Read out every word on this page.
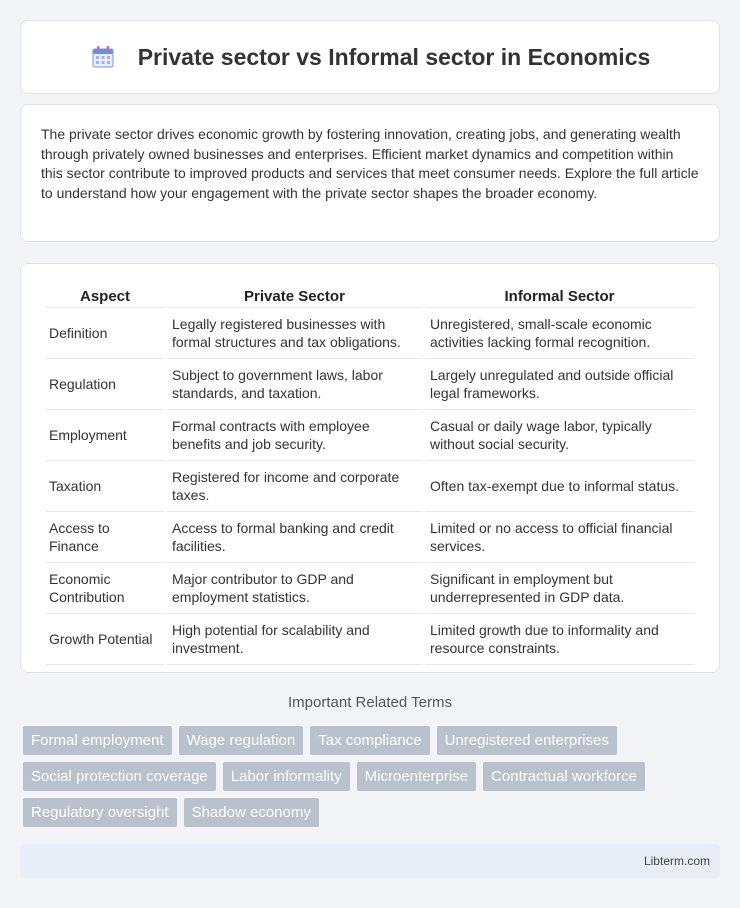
Private sector vs Informal sector in Economics

The private sector drives economic growth by fostering innovation, creating jobs, and generating wealth through privately owned businesses and enterprises. Efficient market dynamics and competition within this sector contribute to improved products and services that meet consumer needs. Explore the full article to understand how your engagement with the private sector shapes the broader economy.

Aspect	Private Sector	Informal Sector
Definition	Legally registered businesses with formal structures and tax obligations.	Unregistered, small-scale economic activities lacking formal recognition.
Regulation	Subject to government laws, labor standards, and taxation.	Largely unregulated and outside official legal frameworks.
Employment	Formal contracts with employee benefits and job security.	Casual or daily wage labor, typically without social security.
Taxation	Registered for income and corporate taxes.	Often tax-exempt due to informal status.
Access to Finance	Access to formal banking and credit facilities.	Limited or no access to official financial services.
Economic Contribution	Major contributor to GDP and employment statistics.	Significant in employment but underrepresented in GDP data.
Growth Potential	High potential for scalability and investment.	Limited growth due to informality and resource constraints.
Important Related Terms
Formal employment	Wage regulation	Tax compliance	Unregistered enterprises
Social protection coverage	Labor informality	Microenterprise	Contractual workforce
Regulatory oversight	Shadow economy
Libterm.com
